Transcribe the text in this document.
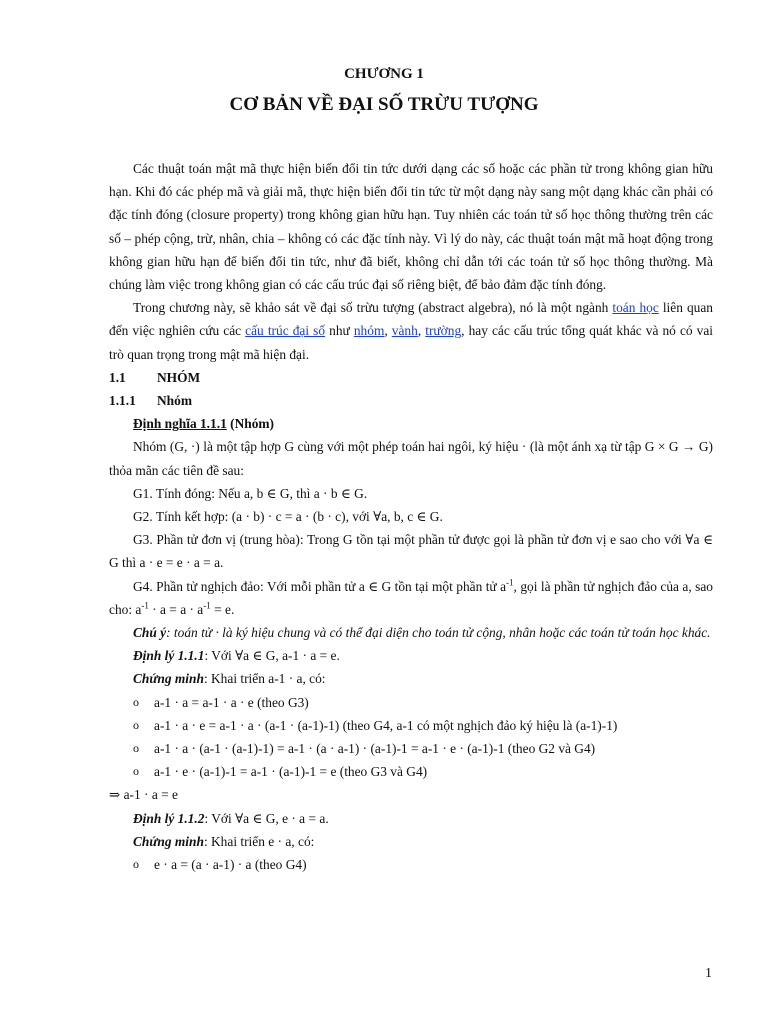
CHƯƠNG 1
CƠ BẢN VỀ ĐẠI SỐ TRỪU TƯỢNG

Các thuật toán mật mã thực hiện biến đổi tin tức dưới dạng các số hoặc các phần tử trong không gian hữu hạn. Khi đó các phép mã và giải mã, thực hiện biến đổi tin tức từ một dạng này sang một dạng khác cần phải có đặc tính đóng (closure property) trong không gian hữu hạn. Tuy nhiên các toán tử số học thông thường trên các số – phép cộng, trừ, nhân, chia – không có các đặc tính này. Vì lý do này, các thuật toán mật mã hoạt động trong không gian hữu hạn để biến đổi tin tức, như đã biết, không chỉ dẫn tới các toán tử số học thông thường. Mà chúng làm việc trong không gian có các cấu trúc đại số riêng biệt, để bảo đảm đặc tính đóng.

Trong chương này, sẽ khảo sát về đại số trừu tượng (abstract algebra), nó là một ngành toán học liên quan đến việc nghiên cứu các cấu trúc đại số như nhóm, vành, trường, hay các cấu trúc tổng quát khác và nó có vai trò quan trọng trong mật mã hiện đại.

1.1 NHÓM
1.1.1 Nhóm

Định nghĩa 1.1.1 (Nhóm)

Nhóm (G, ·) là một tập hợp G cùng với một phép toán hai ngôi, ký hiệu · (là một ánh xạ từ tập G × G → G) thỏa mãn các tiên đề sau:

G1. Tính đóng: Nếu a, b ∈ G, thì a · b ∈ G.

G2. Tính kết hợp: (a · b) · c = a · (b · c), với ∀a, b, c ∈ G.

G3. Phần tử đơn vị (trung hòa): Trong G tồn tại một phần tử được gọi là phần tử đơn vị e sao cho với ∀a ∈ G thì a · e = e · a = a.

G4. Phần tử nghịch đảo: Với mỗi phần tử a ∈ G tồn tại một phần tử $a^{-1}$, gọi là phần tử nghịch đảo của a, sao cho: $a^{-1} \cdot a = a \cdot a^{-1} = e$.

Chú ý: toán tử · là ký hiệu chung và có thể đại diện cho toán tử cộng, nhân hoặc các toán tử toán học khác.

Định lý 1.1.1: Với ∀a ∈ G, a-1 · a = e.

Chứng minh: Khai triển a-1 · a, có:

o	a-1 · a = a-1 · a · e (theo G3)
o	a-1 · a · e = a-1 · a · (a-1 · (a-1)-1) (theo G4, a-1 có một nghịch đảo ký hiệu là (a-1)-1)
o	a-1 · a · (a-1 · (a-1)-1) = a-1 · (a · a-1) · (a-1)-1 = a-1 · e · (a-1)-1 (theo G2 và G4)
o	a-1 · e · (a-1)-1 = a-1 · (a-1)-1 = e (theo G3 và G4)

⇒ a-1 · a = e

Định lý 1.1.2: Với ∀a ∈ G, e · a = a.

Chứng minh: Khai triển e · a, có:

o	e · a = (a · a-1) · a (theo G4)
1
